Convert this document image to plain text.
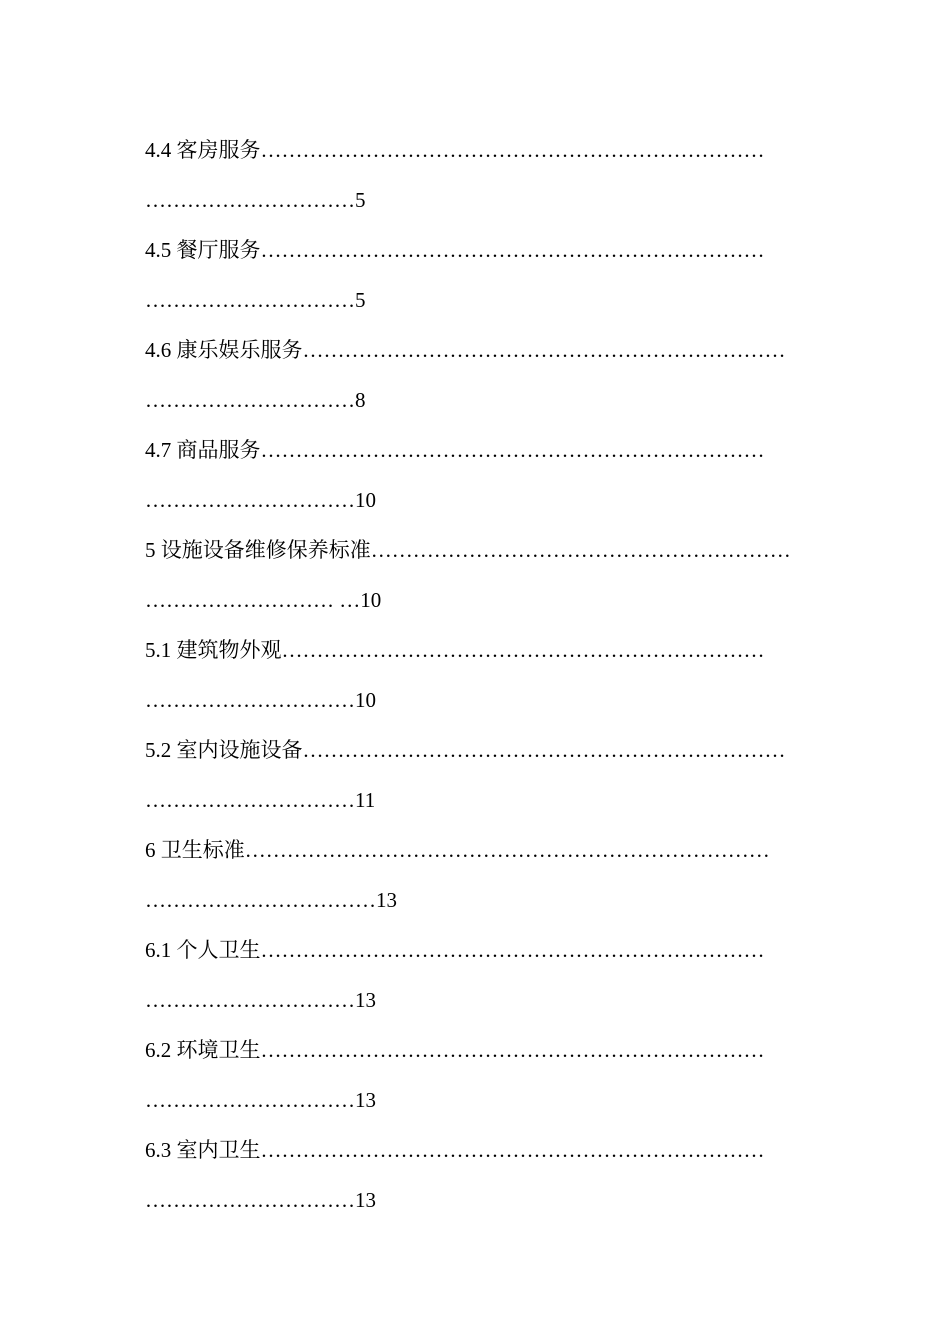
4.4 客房服务………………………………………………………………
…………………………5
4.5 餐厅服务………………………………………………………………
…………………………5
4.6 康乐娱乐服务……………………………………………………………
…………………………8
4.7 商品服务………………………………………………………………
…………………………10
5 设施设备维修保养标准……………………………………………………
……………………… …10
5.1 建筑物外观……………………………………………………………
…………………………10
5.2 室内设施设备……………………………………………………………
…………………………11
6 卫生标准…………………………………………………………………
……………………………13
6.1 个人卫生………………………………………………………………
…………………………13
6.2 环境卫生………………………………………………………………
…………………………13
6.3 室内卫生………………………………………………………………
…………………………13
